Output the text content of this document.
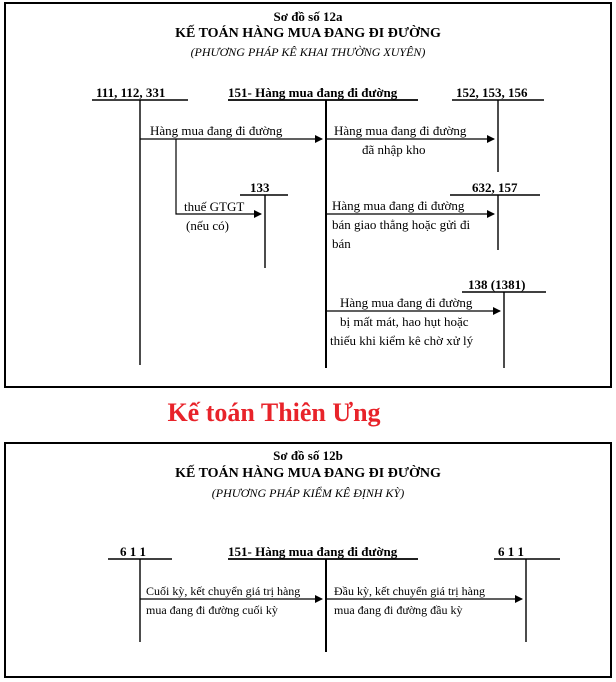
Sơ đồ số 12a
KẾ TOÁN HÀNG MUA ĐANG ĐI ĐƯỜNG
(PHƯƠNG PHÁP KÊ KHAI THƯỜNG XUYÊN)
111, 112, 331	151- Hàng mua đang đi đường	152, 153, 156
133	632, 157
138 (1381)
Hàng mua đang đi đường	Hàng mua đang đi đường
đã nhập kho
thuế GTGT
(nếu có)
Hàng mua đang đi đường
bán giao thẳng hoặc gửi đi
bán
Hàng mua đang đi đường
bị mất mát, hao hụt hoặc
thiếu khi kiểm kê chờ xử lý
Kế toán Thiên Ưng
Sơ đồ số 12b
KẾ TOÁN HÀNG MUA ĐANG ĐI ĐƯỜNG
(PHƯƠNG PHÁP KIỂM KÊ ĐỊNH KỲ)
6 1 1	151- Hàng mua đang đi đường	6 1 1
Cuối kỳ, kết chuyển giá trị hàng
mua đang đi đường cuối kỳ
Đầu kỳ, kết chuyển giá trị hàng
mua đang đi đường đầu kỳ
